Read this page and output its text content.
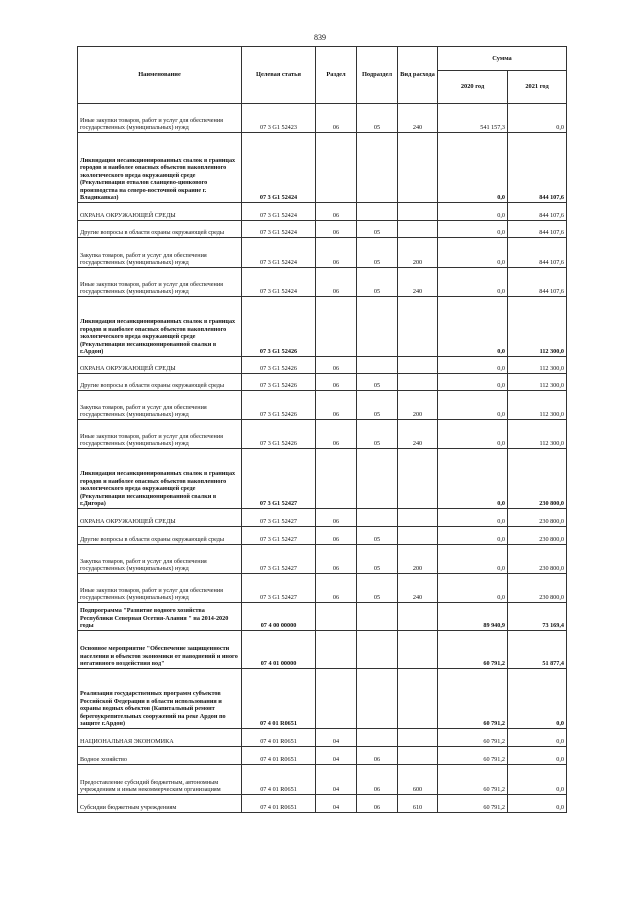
839
Наименование	Целевая статья	Раздел	Подраздел	Вид расхода	Сумма	
					2020 год	2021 год
Иные закупки товаров, работ и услуг для обеспечения государственных (муниципальных) нужд	07 3 G1 52423	06	05	240	541 157,3	0,0
Ликвидация несанкционированных свалок в границах городов и наиболее опасных объектов накопленного экологического вреда окружающей среде (Рекультивация отвалов сланцево-цинкового производства на северо-восточной окраине г. Владикавказ)	07 3 G1 52424				0,0	844 107,6
ОХРАНА ОКРУЖАЮЩЕЙ СРЕДЫ	07 3 G1 52424	06			0,0	844 107,6
Другие вопросы в области охраны окружающей среды	07 3 G1 52424	06	05		0,0	844 107,6
Закупка товаров, работ и услуг для обеспечения государственных (муниципальных) нужд	07 3 G1 52424	06	05	200	0,0	844 107,6
Иные закупки товаров, работ и услуг для обеспечения государственных (муниципальных) нужд	07 3 G1 52424	06	05	240	0,0	844 107,6
Ликвидация несанкционированных свалок в границах городов и наиболее опасных объектов накопленного экологического вреда окружающей среде (Рекультивация несанкционированной свалки в г.Ардон)	07 3 G1 52426				0,0	112 300,0
ОХРАНА ОКРУЖАЮЩЕЙ СРЕДЫ	07 3 G1 52426	06			0,0	112 300,0
Другие вопросы в области охраны окружающей среды	07 3 G1 52426	06	05		0,0	112 300,0
Закупка товаров, работ и услуг для обеспечения государственных (муниципальных) нужд	07 3 G1 52426	06	05	200	0,0	112 300,0
Иные закупки товаров, работ и услуг для обеспечения государственных (муниципальных) нужд	07 3 G1 52426	06	05	240	0,0	112 300,0
Ликвидация несанкционированных свалок в границах городов и наиболее опасных объектов накопленного экологического вреда окружающей среде (Рекультивация несанкционированной свалки в г.Дигора)	07 3 G1 52427				0,0	230 800,0
ОХРАНА ОКРУЖАЮЩЕЙ СРЕДЫ	07 3 G1 52427	06			0,0	230 800,0
Другие вопросы в области охраны окружающей среды	07 3 G1 52427	06	05		0,0	230 800,0
Закупка товаров, работ и услуг для обеспечения государственных (муниципальных) нужд	07 3 G1 52427	06	05	200	0,0	230 800,0
Иные закупки товаров, работ и услуг для обеспечения государственных (муниципальных) нужд	07 3 G1 52427	06	05	240	0,0	230 800,0
Подпрограмма "Развитие водного хозяйства Республики Северная Осетия-Алания " на 2014-2020 годы	07 4 00 00000				89 940,9	73 169,4
Основное мероприятие "Обеспечение защищенности населения и объектов экономики от наводнений и иного негативного воздействия вод"	07 4 01 00000				60 791,2	51 877,4
Реализация государственных программ субъектов Российской Федерации в области использования и охраны водных объектов (Капитальный ремонт берегоукрепительных сооружений на реке Ардон по защите г.Ардон)	07 4 01 R0651				60 791,2	0,0
НАЦИОНАЛЬНАЯ ЭКОНОМИКА	07 4 01 R0651	04			60 791,2	0,0
Водное хозяйство	07 4 01 R0651	04	06		60 791,2	0,0
Предоставление субсидий бюджетным, автономным учреждениям и иным некоммерческим организациям	07 4 01 R0651	04	06	600	60 791,2	0,0
Субсидии бюджетным учреждениям	07 4 01 R0651	04	06	610	60 791,2	0,0
